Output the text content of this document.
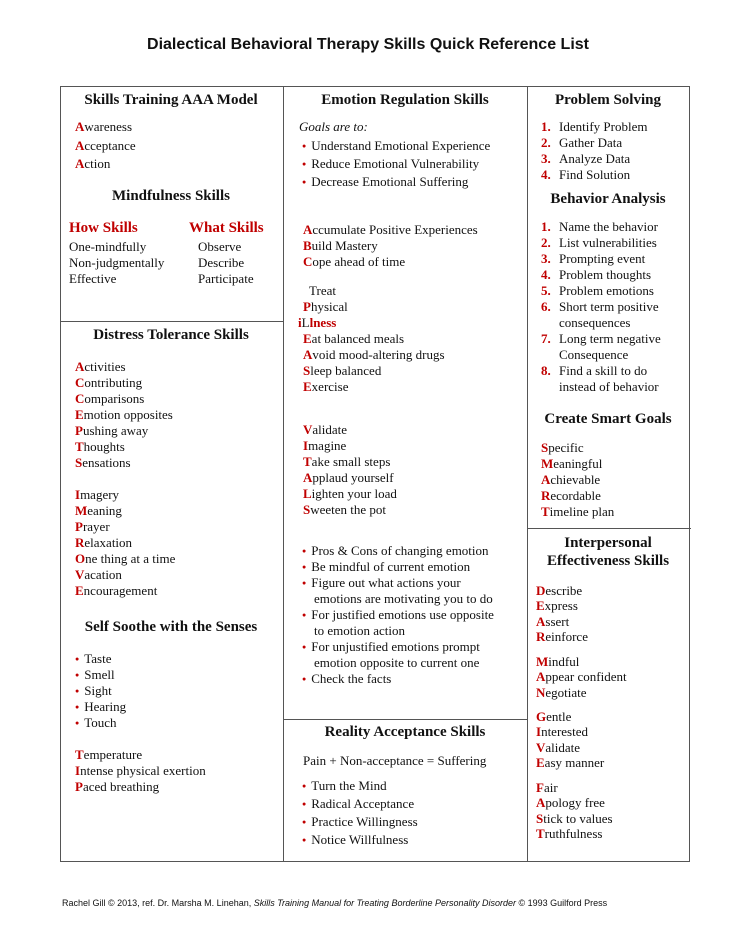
Dialectical Behavioral Therapy Skills Quick Reference List
Skills Training AAA Model
Awareness
Acceptance
Action
Mindfulness Skills
How Skills	What Skills
One-mindfully
Non-judgmentally
Effective
Observe
Describe
Participate
Distress Tolerance Skills
Activities
Contributing
Comparisons
Emotion opposites
Pushing away
Thoughts
Sensations
Imagery
Meaning
Prayer
Relaxation
One thing at a time
Vacation
Encouragement
Self Soothe with the Senses
● Taste
● Smell
● Sight
● Hearing
● Touch
Temperature
Intense physical exertion
Paced breathing
Emotion Regulation Skills
Goals are to:
● Understand Emotional Experience
● Reduce Emotional Vulnerability
● Decrease Emotional Suffering
Accumulate Positive Experiences
Build Mastery
Cope ahead of time
Treat
Physical
iLlness
Eat balanced meals
Avoid mood-altering drugs
Sleep balanced
Exercise
Validate
Imagine
Take small steps
Applaud yourself
Lighten your load
Sweeten the pot
● Pros & Cons of changing emotion
● Be mindful of current emotion
● Figure out what actions your
emotions are motivating you to do
● For justified emotions use opposite
to emotion action
● For unjustified emotions prompt
emotion opposite to current one
● Check the facts
Reality Acceptance Skills
Pain + Non-acceptance = Suffering
● Turn the Mind
● Radical Acceptance
● Practice Willingness
● Notice Willfulness
Problem Solving
1. Identify Problem
2. Gather Data
3. Analyze Data
4. Find Solution
Behavior Analysis
1. Name the behavior
2. List vulnerabilities
3. Prompting event
4. Problem thoughts
5. Problem emotions
6. Short term positive
consequences
7. Long term negative
Consequence
8. Find a skill to do
instead of behavior
Create Smart Goals
Specific
Meaningful
Achievable
Recordable
Timeline plan
Interpersonal
Effectiveness Skills
Describe
Express
Assert
Reinforce
Mindful
Appear confident
Negotiate
Gentle
Interested
Validate
Easy manner
Fair
Apology free
Stick to values
Truthfulness
Rachel Gill © 2013, ref. Dr. Marsha M. Linehan, Skills Training Manual for Treating Borderline Personality Disorder © 1993 Guilford Press
